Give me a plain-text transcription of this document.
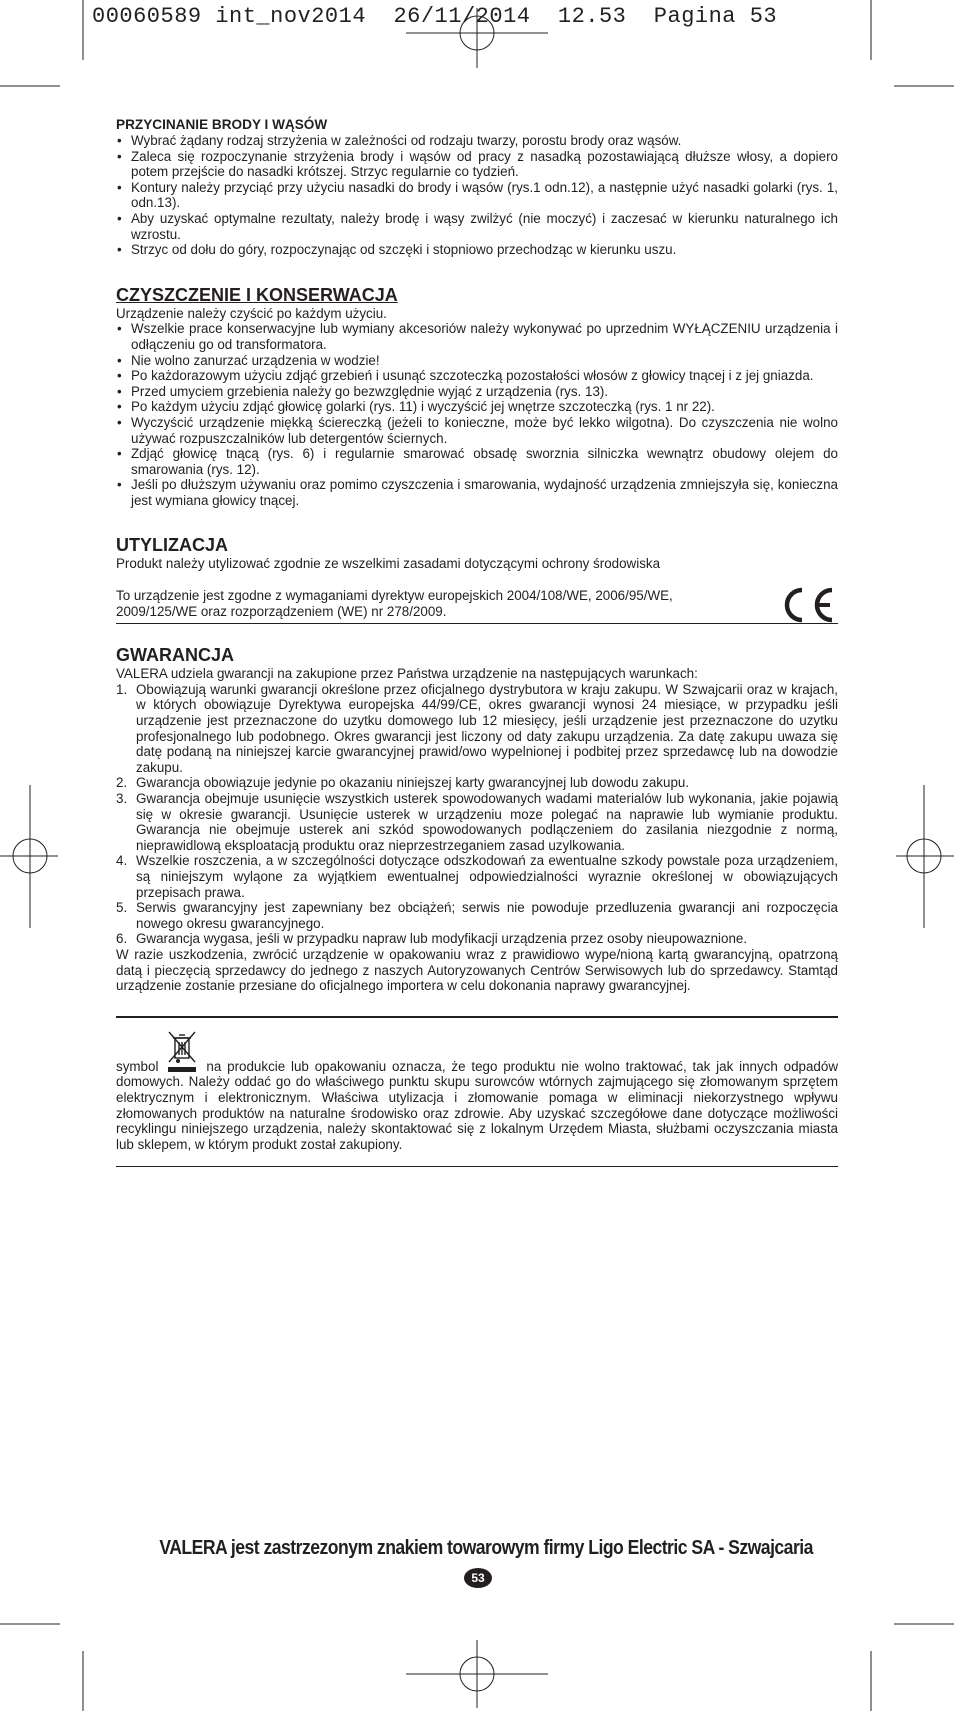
00060589 int_nov2014  26/11/2014  12.53  Pagina 53
PRZYCINANIE BRODY I WĄSÓW
• Wybrać żądany rodzaj strzyżenia w zależności od rodzaju twarzy, porostu brody oraz wąsów.
• Zaleca się rozpoczynanie strzyżenia brody i wąsów od pracy z nasadką pozostawiającą dłuższe włosy, a dopiero potem przejście do nasadki krótszej. Strzyc regularnie co tydzień.
• Kontury należy przyciąć przy użyciu nasadki do brody i wąsów (rys.1 odn.12), a następnie użyć nasadki golarki (rys. 1, odn.13).
• Aby uzyskać optymalne rezultaty, należy brodę i wąsy zwilżyć (nie moczyć) i zaczesać w kierunku naturalnego ich wzrostu.
• Strzyc od dołu do góry, rozpoczynając od szczęki i stopniowo przechodząc w kierunku uszu.
CZYSZCZENIE I KONSERWACJA

Urządzenie należy czyścić po każdym użyciu.

• Wszelkie prace konserwacyjne lub wymiany akcesoriów należy wykonywać po uprzednim WYŁĄCZENIU urządzenia i odłączeniu go od transformatora.
• Nie wolno zanurzać urządzenia w wodzie!
• Po każdorazowym użyciu zdjąć grzebień i usunąć szczoteczką pozostałości włosów z głowicy tnącej i z jej gniazda.
• Przed umyciem grzebienia należy go bezwzględnie wyjąć z urządzenia (rys. 13).
• Po każdym użyciu zdjąć głowicę golarki (rys. 11) i wyczyścić jej wnętrze szczoteczką (rys. 1 nr 22).
• Wyczyścić urządzenie miękką ściereczką (jeżeli to konieczne, może być lekko wilgotna). Do czyszczenia nie wolno używać rozpuszczalników lub detergentów ściernych.
• Zdjąć głowicę tnącą (rys. 6) i regularnie smarować obsadę sworznia silniczka wewnątrz obudowy olejem do smarowania (rys. 12).
• Jeśli po dłuższym używaniu oraz pomimo czyszczenia i smarowania, wydajność urządzenia zmniejszyła się, konieczna jest wymiana głowicy tnącej.
UTYLIZACJA

Produkt należy utylizować zgodnie ze wszelkimi zasadami dotyczącymi ochrony środowiska

To urządzenie jest zgodne z wymaganiami dyrektyw europejskich 2004/108/WE, 2006/95/WE, 2009/125/WE oraz rozporządzeniem (WE) nr 278/2009.

GWARANCJA

VALERA udziela gwarancji na zakupione przez Państwa urządzenie na następujących warunkach:

1. Obowiązują warunki gwarancji określone przez oficjalnego dystrybutora w kraju zakupu. W Szwajcarii oraz w krajach, w których obowiązuje Dyrektywa europejska 44/99/CE, okres gwarancji wynosi 24 miesiące, w przypadku jeśli urządzenie jest przeznaczone do uzytku domowego lub 12 miesięcy, jeśli urządzenie jest przeznaczone do uzytku profesjonalnego lub podobnego. Okres gwarancji jest liczony od daty zakupu urządzenia. Za datę zakupu uwaza się datę podaną na niniejszej karcie gwarancyjnej prawid/owo wypelnionej i podbitej przez sprzedawcę lub na dowodzie zakupu.
2. Gwarancja obowiązuje jedynie po okazaniu niniejszej karty gwarancyjnej lub dowodu zakupu.
3. Gwarancja obejmuje usunięcie wszystkich usterek spowodowanych wadami materialów lub wykonania, jakie pojawią się w okresie gwarancji. Usunięcie usterek w urządzeniu moze polegać na naprawie lub wymianie produktu. Gwarancja nie obejmuje usterek ani szkód spowodowanych podlączeniem do zasilania niezgodnie z normą, nieprawidlową eksploatacją produktu oraz nieprzestrzeganiem zasad uzylkowania.
4. Wszelkie roszczenia, a w szczególności dotyczące odszkodowań za ewentualne szkody powstale poza urządzeniem, są niniejszym wyląone za wyjątkiem ewentualnej odpowiedzialności wyraznie określonej w obowiązujących przepisach prawa.
5. Serwis gwarancyjny jest zapewniany bez obciążeń; serwis nie powoduje przedluzenia gwarancji ani rozpoczęcia nowego okresu gwarancyjnego.
6. Gwarancja wygasa, jeśli w przypadku napraw lub modyfikacji urządzenia przez osoby nieupowaznione.

W razie uszkodzenia, zwrócić urządzenie w opakowaniu wraz z prawidiowo wype/nioną kartą gwarancyjną, opatrzoną datą i pieczęcią sprzedawcy do jednego z naszych Autoryzowanych Centrów Serwisowych lub do sprzedawcy. Stamtąd urządzenie zostanie przesiane do oficjalnego importera w celu dokonania naprawy gwarancyjnej.

symbol	na produkcie lub opakowaniu oznacza, że tego produktu nie wolno traktować, tak jak innych odpadów domowych. Należy oddać go do właściwego punktu skupu surowców wtórnych zajmującego się złomowanym sprzętem elektrycznym i elektronicznym. Właściwa utylizacja i złomowanie pomaga w eliminacji niekorzystnego wpływu złomowanych produktów na naturalne środowisko oraz zdrowie. Aby uzyskać szczegółowe dane dotyczące możliwości recyklingu niniejszego urządzenia, należy skontaktować się z lokalnym Urzędem Miasta, służbami oczyszczania miasta lub sklepem, w którym produkt został zakupiony.

VALERA jest zastrzezonym znakiem towarowym firmy Ligo Electric SA - Szwajcaria
53
